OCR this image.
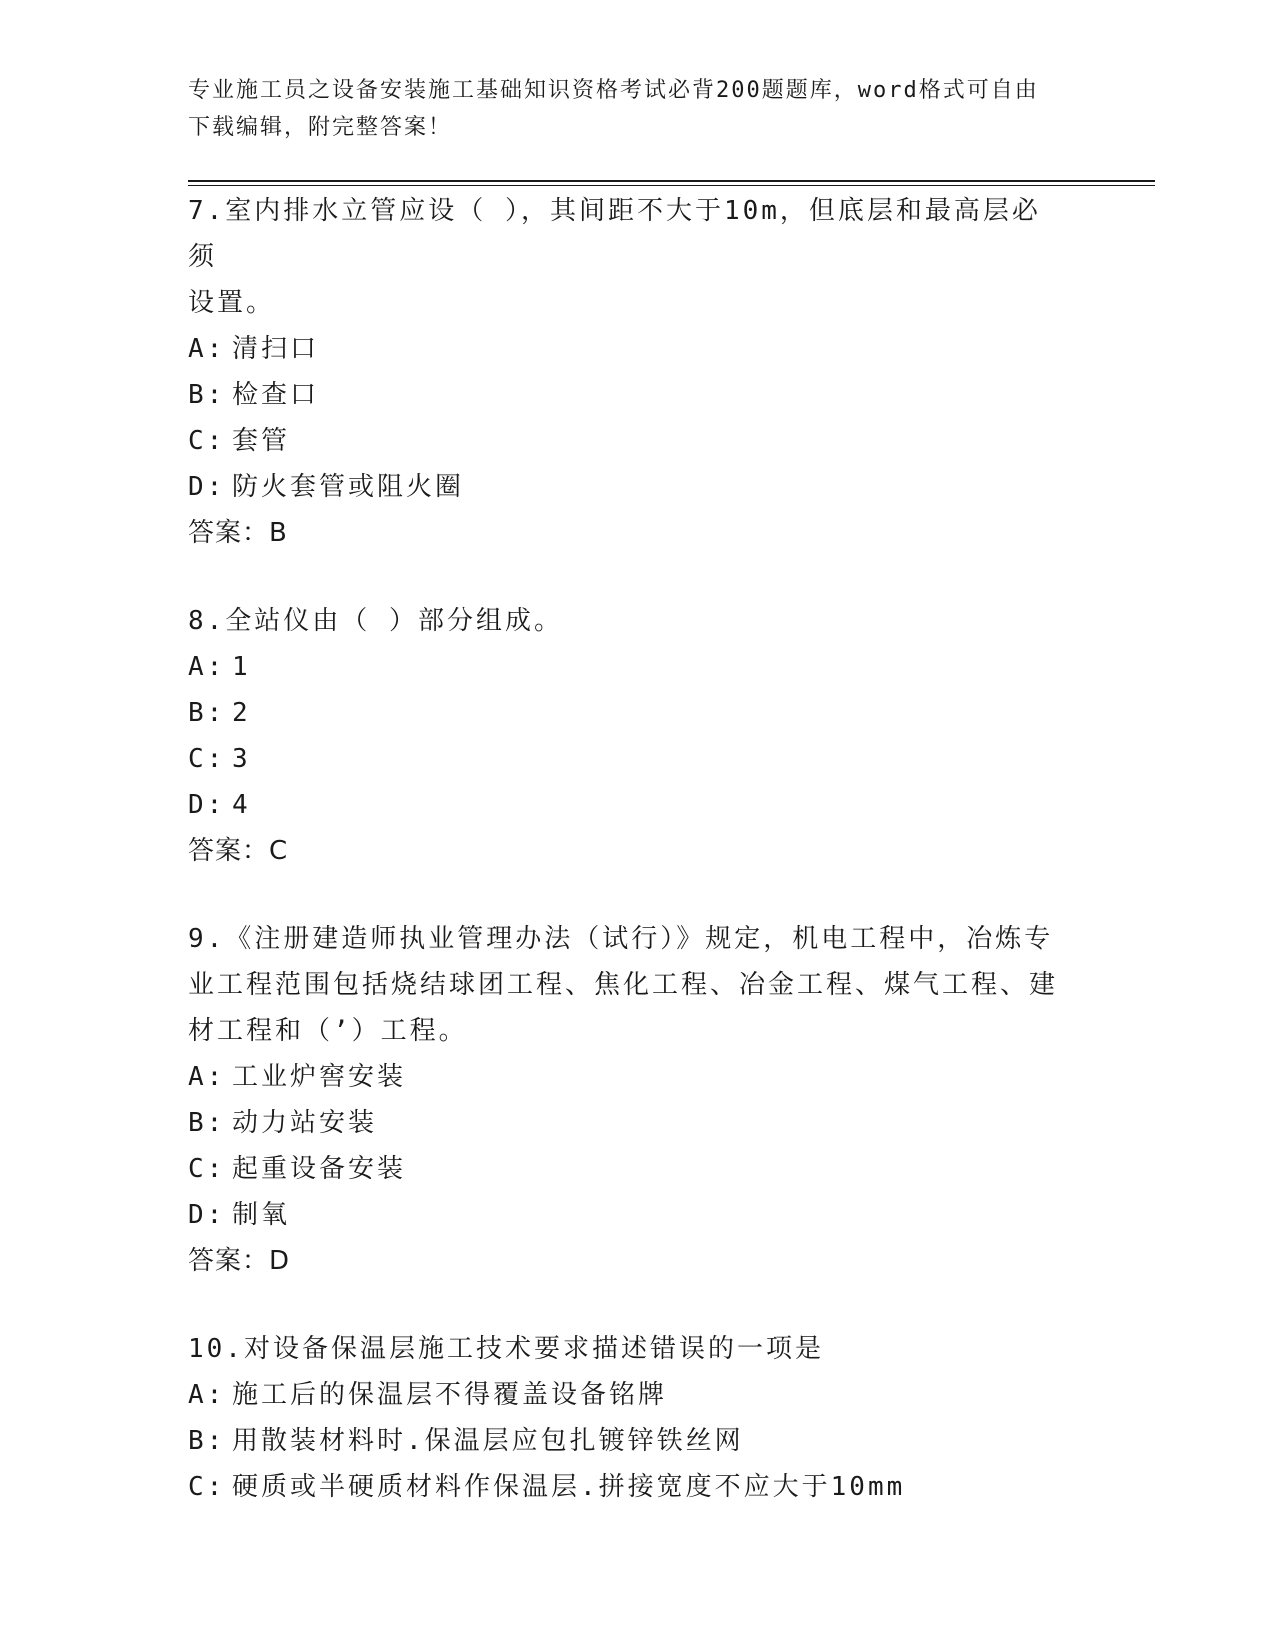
专业施工员之设备安装施工基础知识资格考试必背200题题库，word格式可自由
下载编辑，附完整答案！
7.室内排水立管应设（ ），其间距不大于10m，但底层和最高层必须
设置。
A: 清扫口
B: 检查口
C: 套管
D: 防火套管或阻火圈
答案：B
8.全站仪由（ ）部分组成。
A: 1
B: 2
C: 3
D: 4
答案：C
9.《注册建造师执业管理办法（试行）》规定，机电工程中，冶炼专
业工程范围包括烧结球团工程、焦化工程、冶金工程、煤气工程、建
材工程和（’）工程。
A: 工业炉窖安装
B: 动力站安装
C: 起重设备安装
D: 制氧
答案：D
10.对设备保温层施工技术要求描述错误的一项是
A: 施工后的保温层不得覆盖设备铭牌
B: 用散装材料时.保温层应包扎镀锌铁丝网
C: 硬质或半硬质材料作保温层.拼接宽度不应大于10mm
